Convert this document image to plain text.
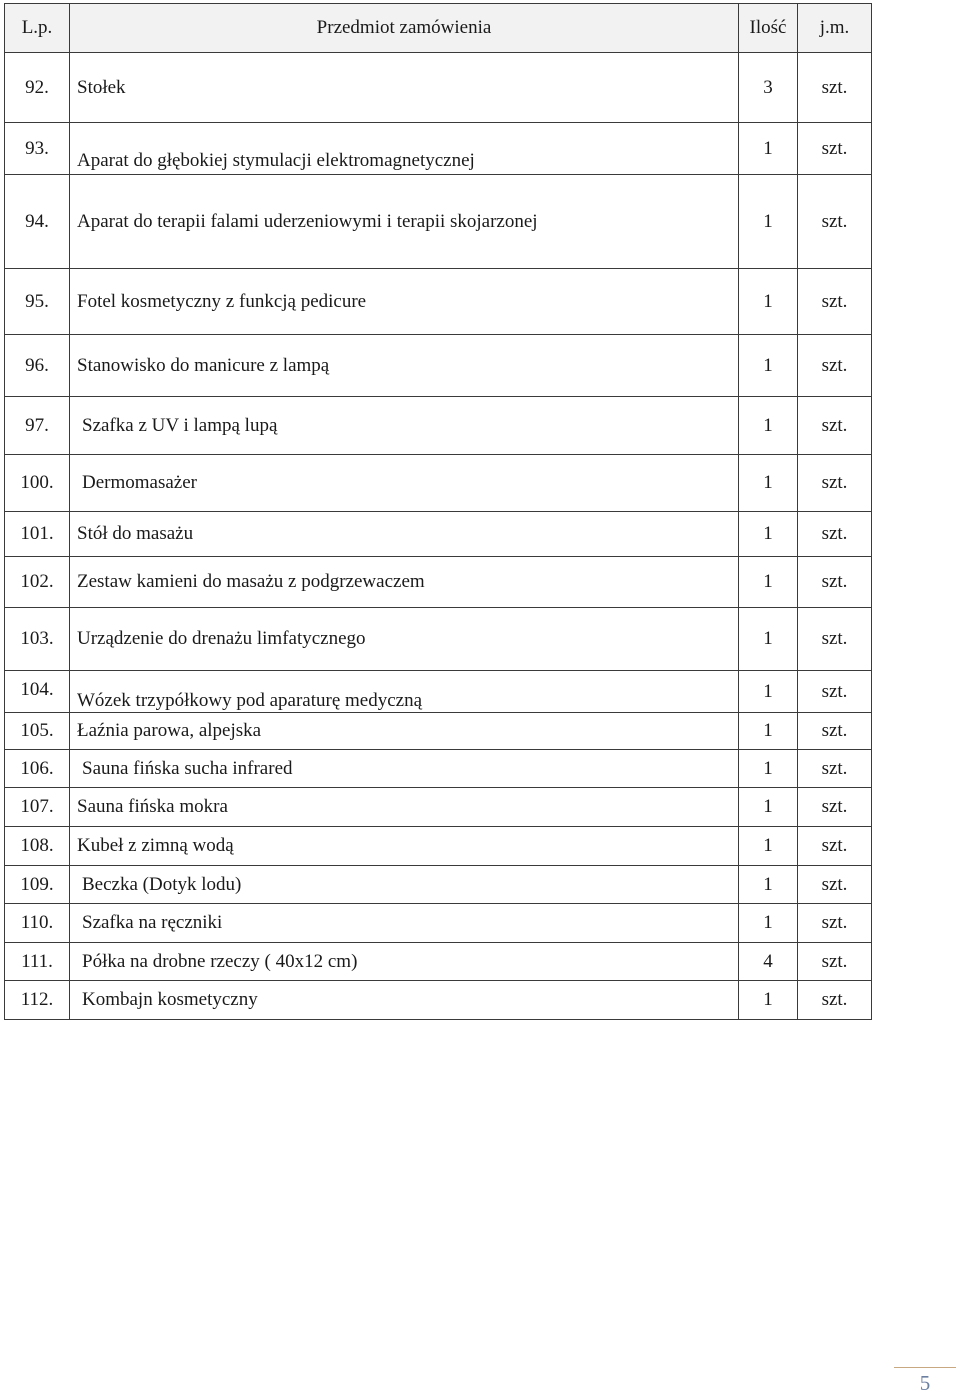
L.p.	Przedmiot zamówienia	Ilość	j.m.
92.	Stołek	3	szt.
93.	Aparat do głębokiej stymulacji elektromagnetycznej	1	szt.
94.	Aparat do terapii falami uderzeniowymi i terapii skojarzonej	1	szt.
95.	Fotel kosmetyczny z funkcją pedicure	1	szt.
96.	Stanowisko do manicure z lampą	1	szt.
97.	Szafka z UV i lampą lupą	1	szt.
100.	Dermomasażer	1	szt.
101.	Stół do masażu	1	szt.
102.	Zestaw kamieni do masażu z podgrzewaczem	1	szt.
103.	Urządzenie do drenażu limfatycznego	1	szt.
104.	Wózek trzypółkowy pod aparaturę medyczną	1	szt.
105.	Łaźnia parowa, alpejska	1	szt.
106.	Sauna fińska sucha infrared	1	szt.
107.	Sauna fińska mokra	1	szt.
108.	Kubeł z zimną wodą	1	szt.
109.	Beczka (Dotyk lodu)	1	szt.
110.	Szafka na ręczniki	1	szt.
111.	Półka na drobne rzeczy ( 40x12 cm)	4	szt.
112.	Kombajn kosmetyczny	1	szt.
5
